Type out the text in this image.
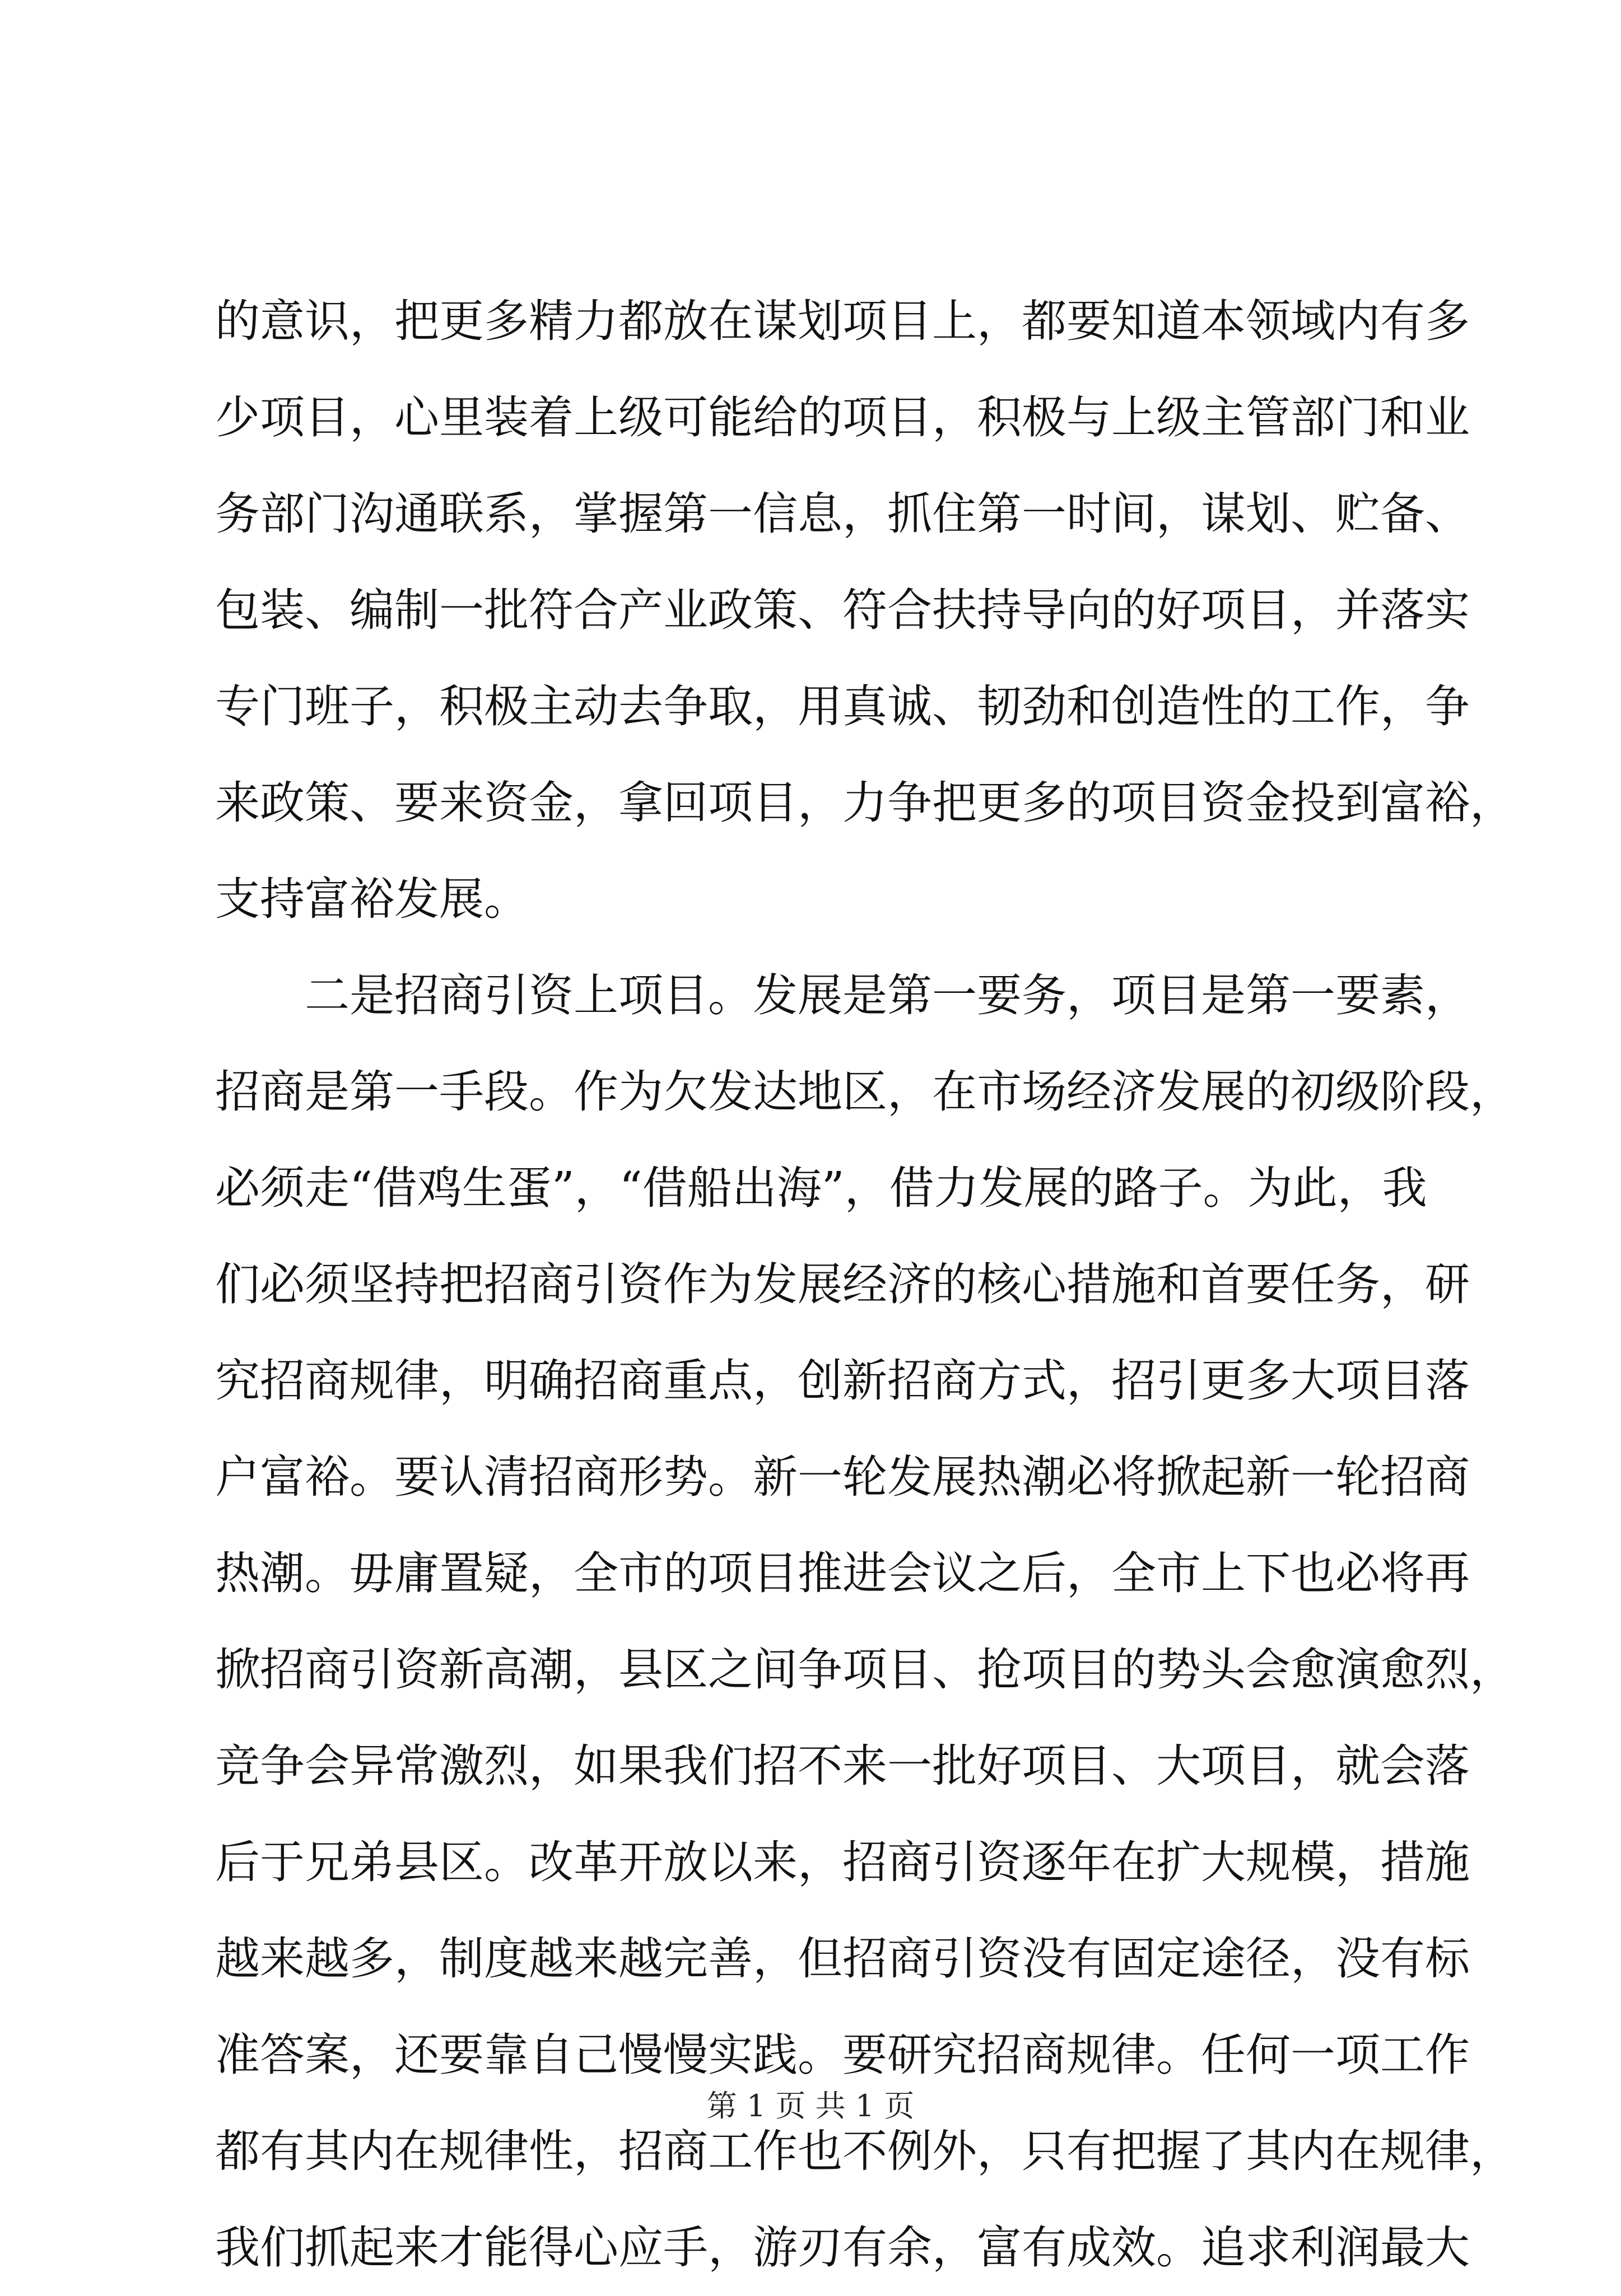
的意识，把更多精力都放在谋划项目上，都要知道本领域内有多
少项目，心里装着上级可能给的项目，积极与上级主管部门和业
务部门沟通联系，掌握第一信息，抓住第一时间，谋划、贮备、
包装、编制一批符合产业政策、符合扶持导向的好项目，并落实
专门班子，积极主动去争取，用真诚、韧劲和创造性的工作，争
来政策、要来资金，拿回项目，力争把更多的项目资金投到富裕，
支持富裕发展。
　　二是招商引资上项目。发展是第一要务，项目是第一要素，
招商是第一手段。作为欠发达地区，在市场经济发展的初级阶段，
必须走“借鸡生蛋”，“借船出海”，借力发展的路子。为此，我
们必须坚持把招商引资作为发展经济的核心措施和首要任务，研
究招商规律，明确招商重点，创新招商方式，招引更多大项目落
户富裕。要认清招商形势。新一轮发展热潮必将掀起新一轮招商
热潮。毋庸置疑，全市的项目推进会议之后，全市上下也必将再
掀招商引资新高潮，县区之间争项目、抢项目的势头会愈演愈烈，
竞争会异常激烈，如果我们招不来一批好项目、大项目，就会落
后于兄弟县区。改革开放以来，招商引资逐年在扩大规模，措施
越来越多，制度越来越完善，但招商引资没有固定途径，没有标
准答案，还要靠自己慢慢实践。要研究招商规律。任何一项工作
都有其内在规律性，招商工作也不例外，只有把握了其内在规律，
我们抓起来才能得心应手，游刃有余，富有成效。追求利润最大
第 1 页 共 1 页
